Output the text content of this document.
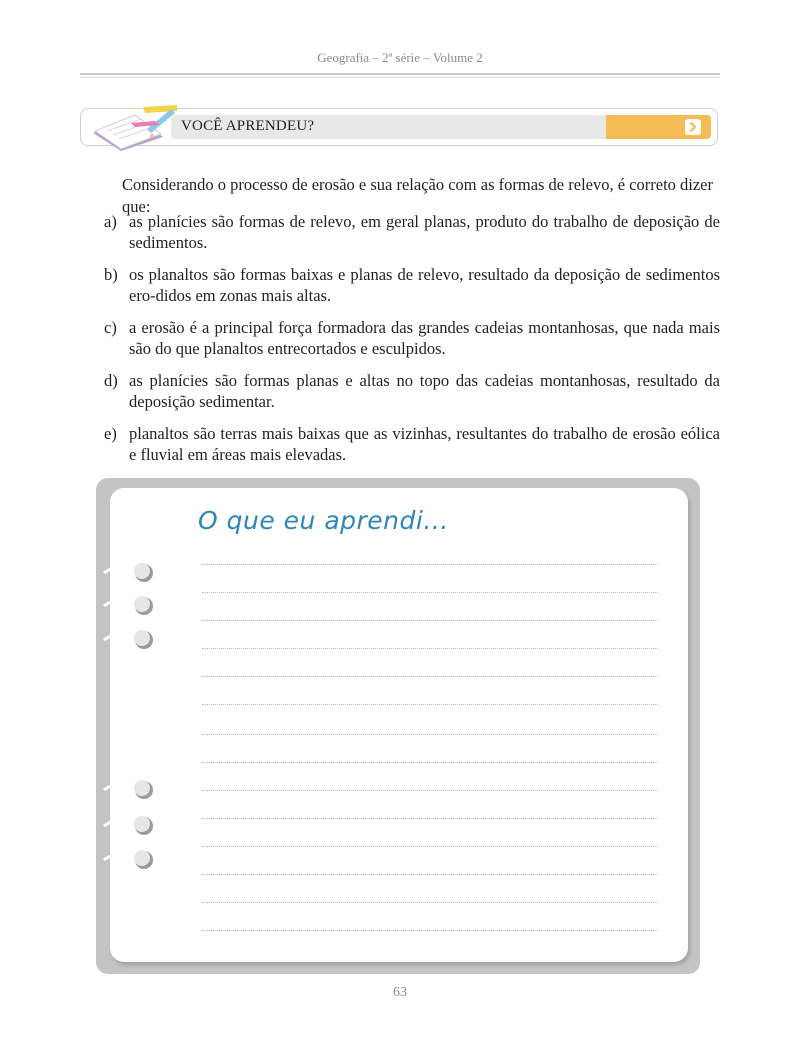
Geografia – 2ª série – Volume 2
VOCÊ APRENDEU?
Considerando o processo de erosão e sua relação com as formas de relevo, é correto dizer que:
a) as planícies são formas de relevo, em geral planas, produto do trabalho de deposição de sedimentos.
b) os planaltos são formas baixas e planas de relevo, resultado da deposição de sedimentos ero-didos em zonas mais altas.
c) a erosão é a principal força formadora das grandes cadeias montanhosas, que nada mais são do que planaltos entrecortados e esculpidos.
d) as planícies são formas planas e altas no topo das cadeias montanhosas, resultado da deposição sedimentar.
e) planaltos são terras mais baixas que as vizinhas, resultantes do trabalho de erosão eólica e fluvial em áreas mais elevadas.
O que eu aprendi...
63
